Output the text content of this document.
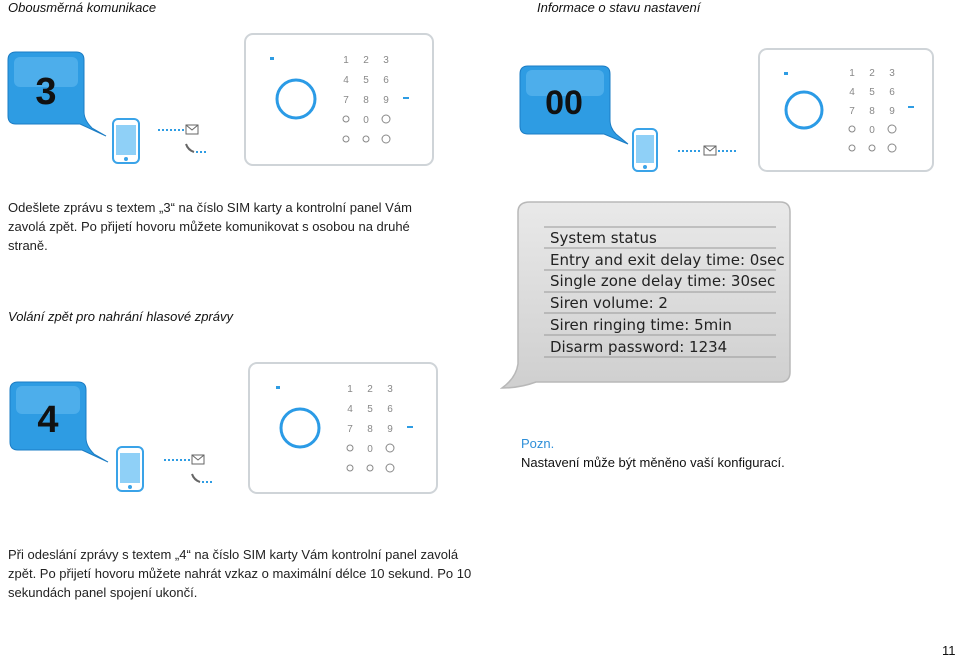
Obousměrná komunikace	Informace o stavu nastavení
3
1 2 3
4 5 6
7 8 9
0	00
1 2 3
4 5 6
7 8 9
0
Odešlete zprávu s textem „3“ na číslo SIM karty a kontrolní panel Vám zavolá zpět. Po přijetí hovoru můžete komunikovat s osobou na druhé straně.	System status
Entry and exit delay time: 0sec
Single zone delay time: 30sec
Siren volume: 2
Siren ringing time: 5min
Disarm password: 1234
Volání zpět pro nahrání hlasové zprávy
4
1 2 3
4 5 6
7 8 9
0	Pozn.
Nastavení může být měněno vaší konfigurací.
Při odeslání zprávy s textem „4“ na číslo SIM karty Vám kontrolní panel zavolá zpět. Po přijetí hovoru můžete nahrát vzkaz o maximální délce 10 sekund. Po 10 sekundách panel spojení ukončí.
11
